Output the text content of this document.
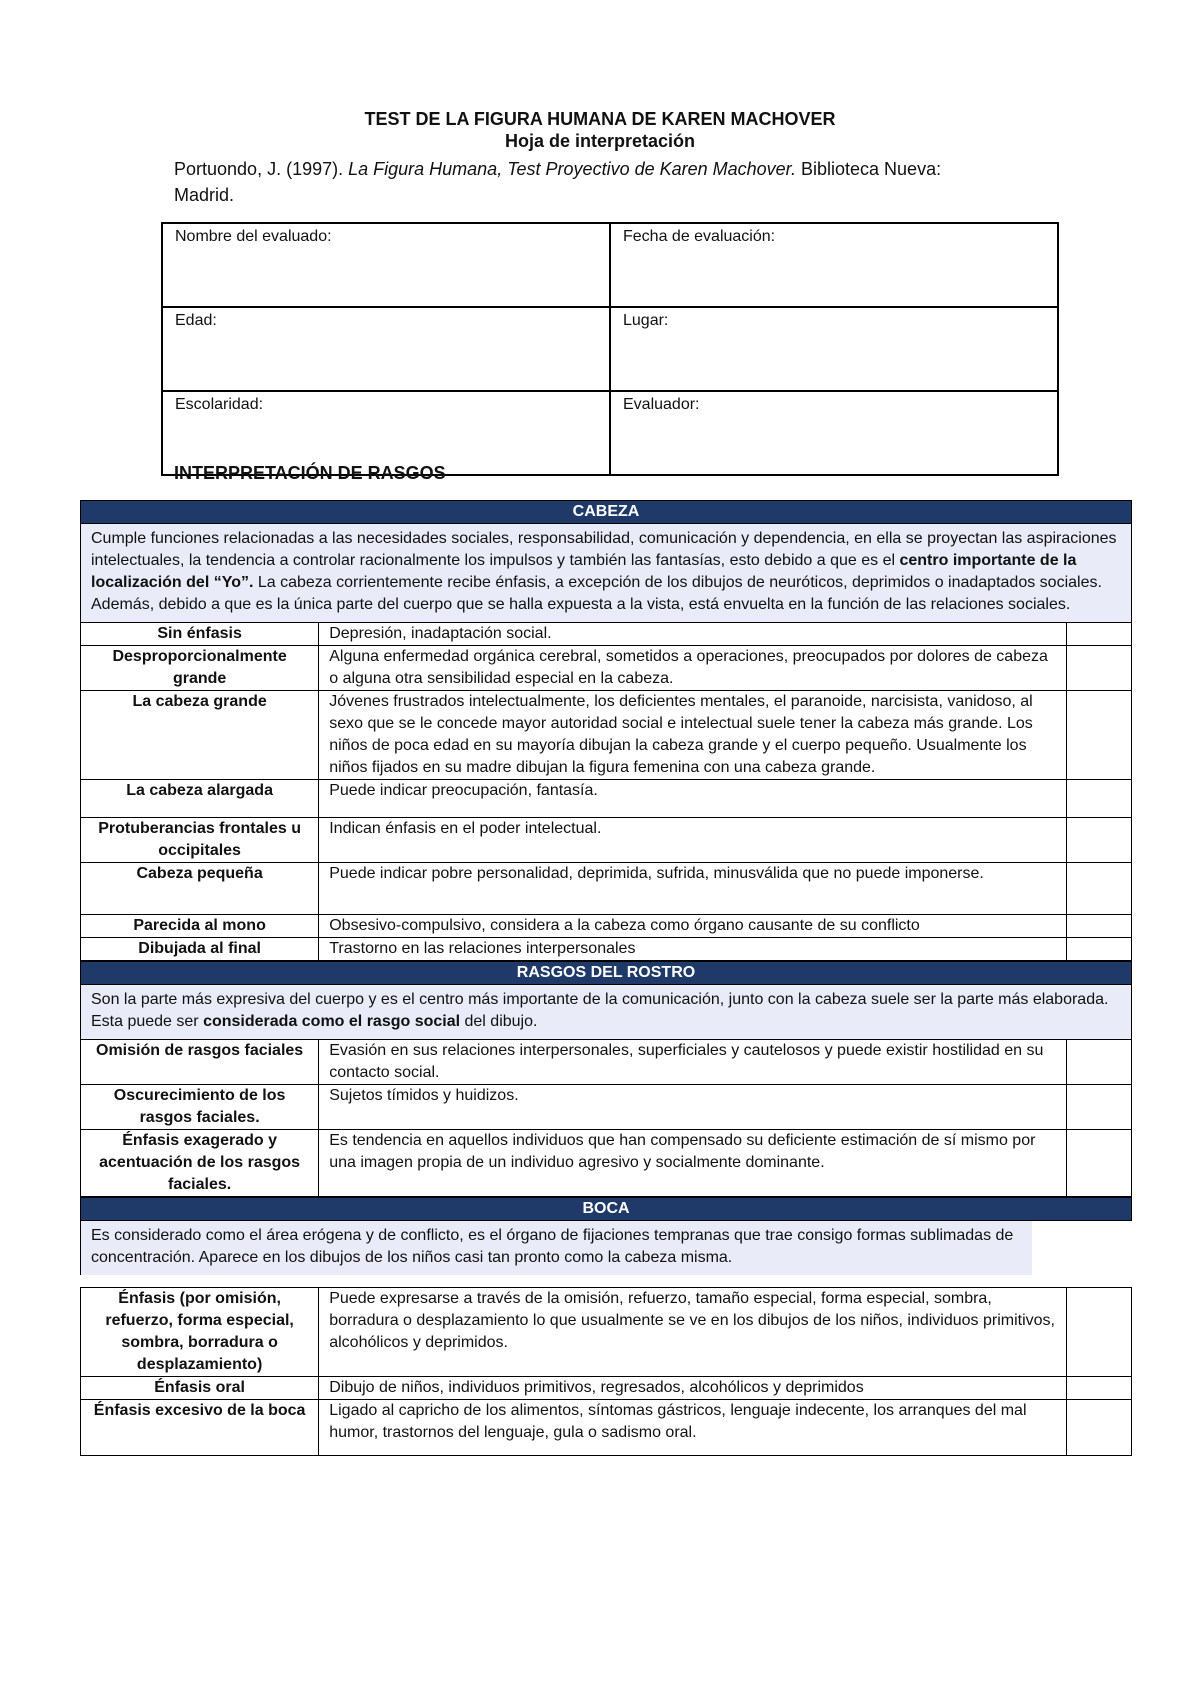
TEST DE LA FIGURA HUMANA DE KAREN MACHOVER
Hoja de interpretación
Portuondo, J. (1997). La Figura Humana, Test Proyectivo de Karen Machover. Biblioteca Nueva: Madrid.
Nombre del evaluado:	Fecha de evaluación:
Edad:	Lugar:
Escolaridad:	Evaluador:
INTERPRETACIÓN DE RASGOS
CABEZA
Cumple funciones relacionadas a las necesidades sociales, responsabilidad, comunicación y dependencia, en ella se proyectan las aspiraciones intelectuales, la tendencia a controlar racionalmente los impulsos y también las fantasías, esto debido a que es el centro importante de la localización del “Yo”. La cabeza corrientemente recibe énfasis, a excepción de los dibujos de neuróticos, deprimidos o inadaptados sociales. Además, debido a que es la única parte del cuerpo que se halla expuesta a la vista, está envuelta en la función de las relaciones sociales.
Sin énfasis	Depresión, inadaptación social.	
Desproporcionalmente grande	Alguna enfermedad orgánica cerebral, sometidos a operaciones, preocupados por dolores de cabeza o alguna otra sensibilidad especial en la cabeza.	
La cabeza grande	Jóvenes frustrados intelectualmente, los deficientes mentales, el paranoide, narcisista, vanidoso, al sexo que se le concede mayor autoridad social e intelectual suele tener la cabeza más grande. Los niños de poca edad en su mayoría dibujan la cabeza grande y el cuerpo pequeño. Usualmente los niños fijados en su madre dibujan la figura femenina con una cabeza grande.	
La cabeza alargada	Puede indicar preocupación, fantasía.	
Protuberancias frontales u occipitales	Indican énfasis en el poder intelectual.	
Cabeza pequeña	Puede indicar pobre personalidad, deprimida, sufrida, minusválida que no puede imponerse.	
Parecida al mono	Obsesivo-compulsivo, considera a la cabeza como órgano causante de su conflicto	
Dibujada al final	Trastorno en las relaciones interpersonales	
RASGOS DEL ROSTRO
Son la parte más expresiva del cuerpo y es el centro más importante de la comunicación, junto con la cabeza suele ser la parte más elaborada. Esta puede ser considerada como el rasgo social del dibujo.
Omisión de rasgos faciales	Evasión en sus relaciones interpersonales, superficiales y cautelosos y puede existir hostilidad en su contacto social.	
Oscurecimiento de los rasgos faciales.	Sujetos tímidos y huidizos.	
Énfasis exagerado y acentuación de los rasgos faciales.	Es tendencia en aquellos individuos que han compensado su deficiente estimación de sí mismo por una imagen propia de un individuo agresivo y socialmente dominante.	
BOCA
Es considerado como el área erógena y de conflicto, es el órgano de fijaciones tempranas que trae consigo formas sublimadas de concentración. Aparece en los dibujos de los niños casi tan pronto como la cabeza misma.
Énfasis (por omisión, refuerzo, forma especial, sombra, borradura o desplazamiento)	Puede expresarse a través de la omisión, refuerzo, tamaño especial, forma especial, sombra, borradura o desplazamiento lo que usualmente se ve en los dibujos de los niños, individuos primitivos, alcohólicos y deprimidos.	
Énfasis oral	Dibujo de niños, individuos primitivos, regresados, alcohólicos y deprimidos	
Énfasis excesivo de la boca	Ligado al capricho de los alimentos, síntomas gástricos, lenguaje indecente, los arranques del mal humor, trastornos del lenguaje, gula o sadismo oral.	
